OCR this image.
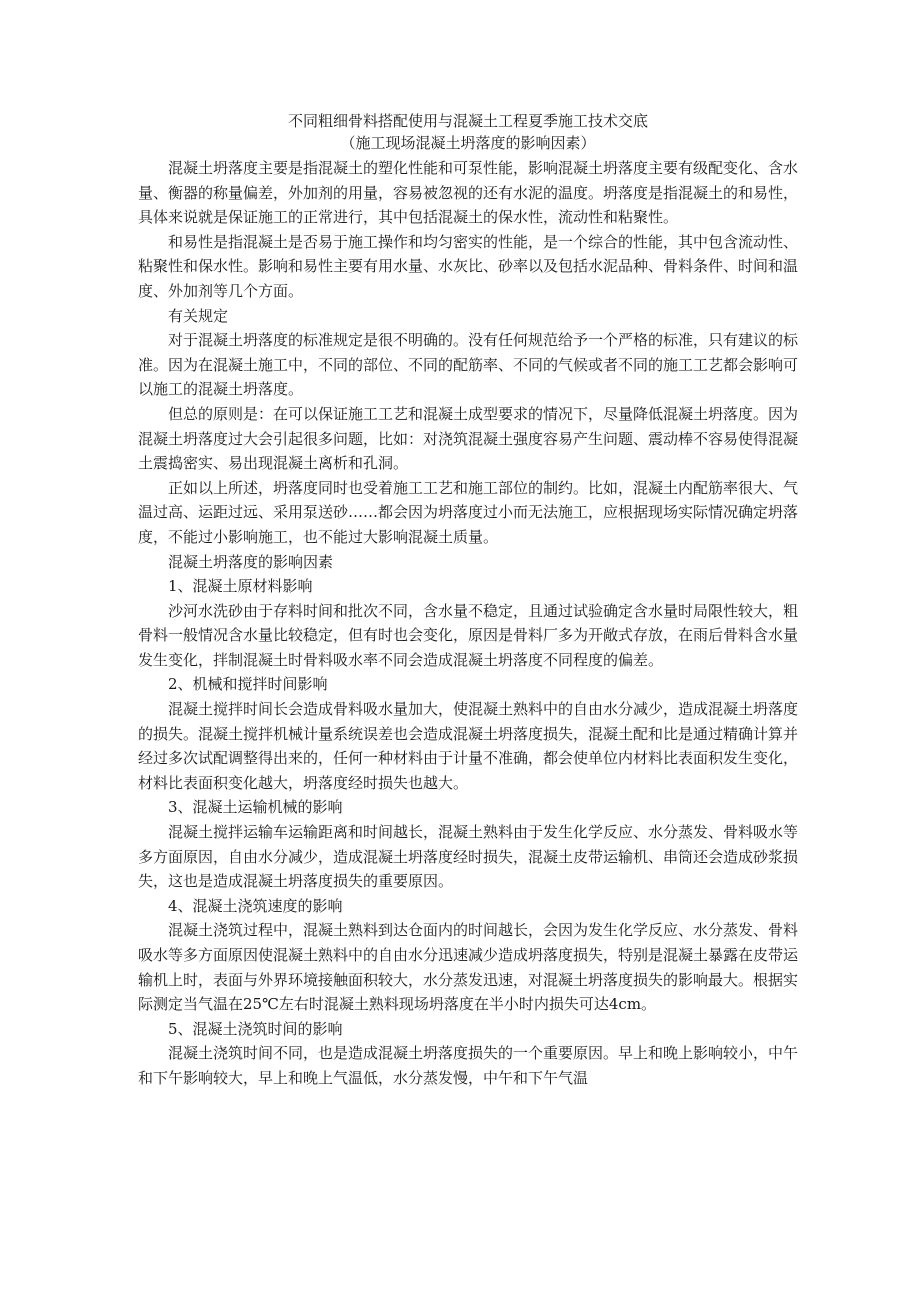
不同粗细骨料搭配使用与混凝土工程夏季施工技术交底

（施工现场混凝土坍落度的影响因素）

混凝土坍落度主要是指混凝土的塑化性能和可泵性能，影响混凝土坍落度主要有级配变化、含水量、衡器的称量偏差，外加剂的用量，容易被忽视的还有水泥的温度。坍落度是指混凝土的和易性，具体来说就是保证施工的正常进行，其中包括混凝土的保水性，流动性和粘聚性。

和易性是指混凝土是否易于施工操作和均匀密实的性能，是一个综合的性能，其中包含流动性、粘聚性和保水性。影响和易性主要有用水量、水灰比、砂率以及包括水泥品种、骨料条件、时间和温度、外加剂等几个方面。

有关规定

对于混凝土坍落度的标准规定是很不明确的。没有任何规范给予一个严格的标准，只有建议的标准。因为在混凝土施工中，不同的部位、不同的配筋率、不同的气候或者不同的施工工艺都会影响可以施工的混凝土坍落度。

但总的原则是：在可以保证施工工艺和混凝土成型要求的情况下，尽量降低混凝土坍落度。因为混凝土坍落度过大会引起很多问题，比如：对浇筑混凝土强度容易产生问题、震动棒不容易使得混凝土震捣密实、易出现混凝土离析和孔洞。

正如以上所述，坍落度同时也受着施工工艺和施工部位的制约。比如，混凝土内配筋率很大、气温过高、运距过远、采用泵送砂……都会因为坍落度过小而无法施工，应根据现场实际情况确定坍落度，不能过小影响施工，也不能过大影响混凝土质量。

混凝土坍落度的影响因素

1、混凝土原材料影响

沙河水洗砂由于存料时间和批次不同，含水量不稳定，且通过试验确定含水量时局限性较大，粗骨料一般情况含水量比较稳定，但有时也会变化，原因是骨料厂多为开敞式存放，在雨后骨料含水量发生变化，拌制混凝土时骨料吸水率不同会造成混凝土坍落度不同程度的偏差。

2、机械和搅拌时间影响

混凝土搅拌时间长会造成骨料吸水量加大，使混凝土熟料中的自由水分减少，造成混凝土坍落度的损失。混凝土搅拌机械计量系统误差也会造成混凝土坍落度损失，混凝土配和比是通过精确计算并经过多次试配调整得出来的，任何一种材料由于计量不准确，都会使单位内材料比表面积发生变化，材料比表面积变化越大，坍落度经时损失也越大。

3、混凝土运输机械的影响

混凝土搅拌运输车运输距离和时间越长，混凝土熟料由于发生化学反应、水分蒸发、骨料吸水等多方面原因，自由水分减少，造成混凝土坍落度经时损失，混凝土皮带运输机、串筒还会造成砂浆损失，这也是造成混凝土坍落度损失的重要原因。

4、混凝土浇筑速度的影响

混凝土浇筑过程中，混凝土熟料到达仓面内的时间越长，会因为发生化学反应、水分蒸发、骨料吸水等多方面原因使混凝土熟料中的自由水分迅速减少造成坍落度损失，特别是混凝土暴露在皮带运输机上时，表面与外界环境接触面积较大，水分蒸发迅速，对混凝土坍落度损失的影响最大。根据实际测定当气温在25℃左右时混凝土熟料现场坍落度在半小时内损失可达4cm。

5、混凝土浇筑时间的影响

混凝土浇筑时间不同，也是造成混凝土坍落度损失的一个重要原因。早上和晚上影响较小，中午和下午影响较大，早上和晚上气温低，水分蒸发慢，中午和下午气温
